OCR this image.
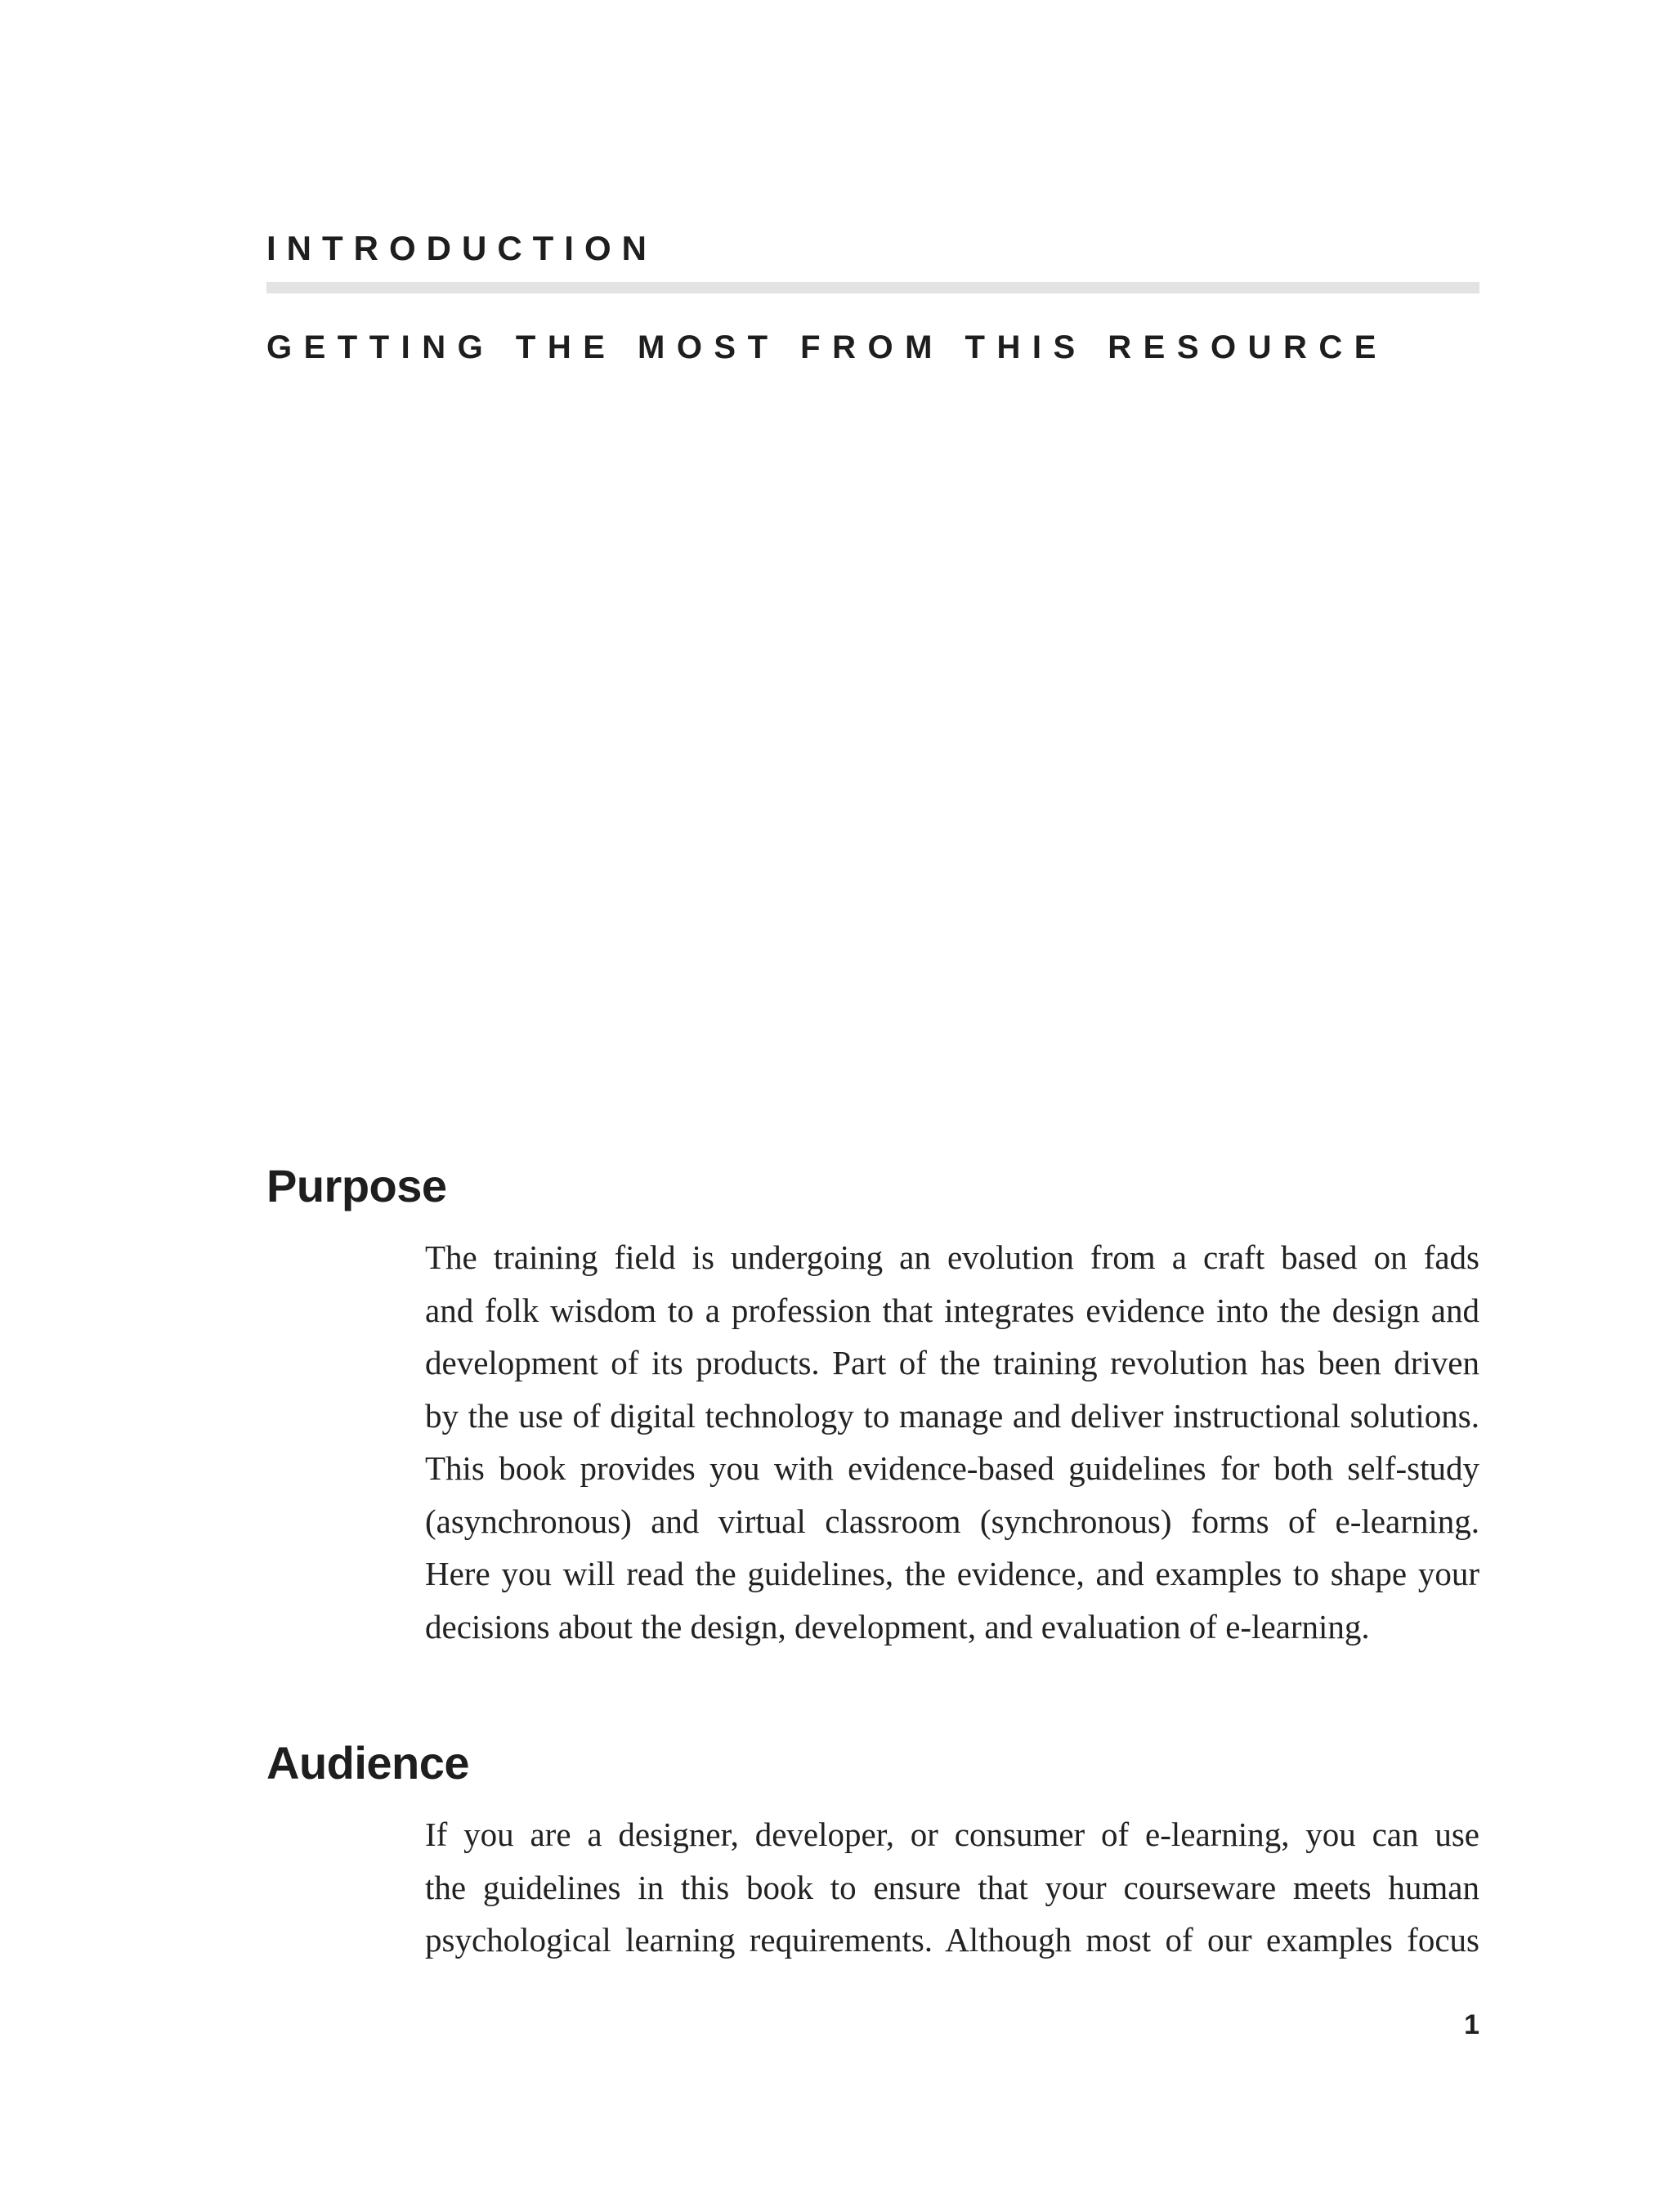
INTRODUCTION
GETTING THE MOST FROM THIS RESOURCE
Purpose
The training field is undergoing an evolution from a craft based on fads
and folk wisdom to a profession that integrates evidence into the design and
development of its products. Part of the training revolution has been driven
by the use of digital technology to manage and deliver instructional solutions.
This book provides you with evidence-based guidelines for both self-study
(asynchronous) and virtual classroom (synchronous) forms of e-learning.
Here you will read the guidelines, the evidence, and examples to shape your
decisions about the design, development, and evaluation of e-learning.
Audience
If you are a designer, developer, or consumer of e-learning, you can use
the guidelines in this book to ensure that your courseware meets human
psychological learning requirements. Although most of our examples focus
1
